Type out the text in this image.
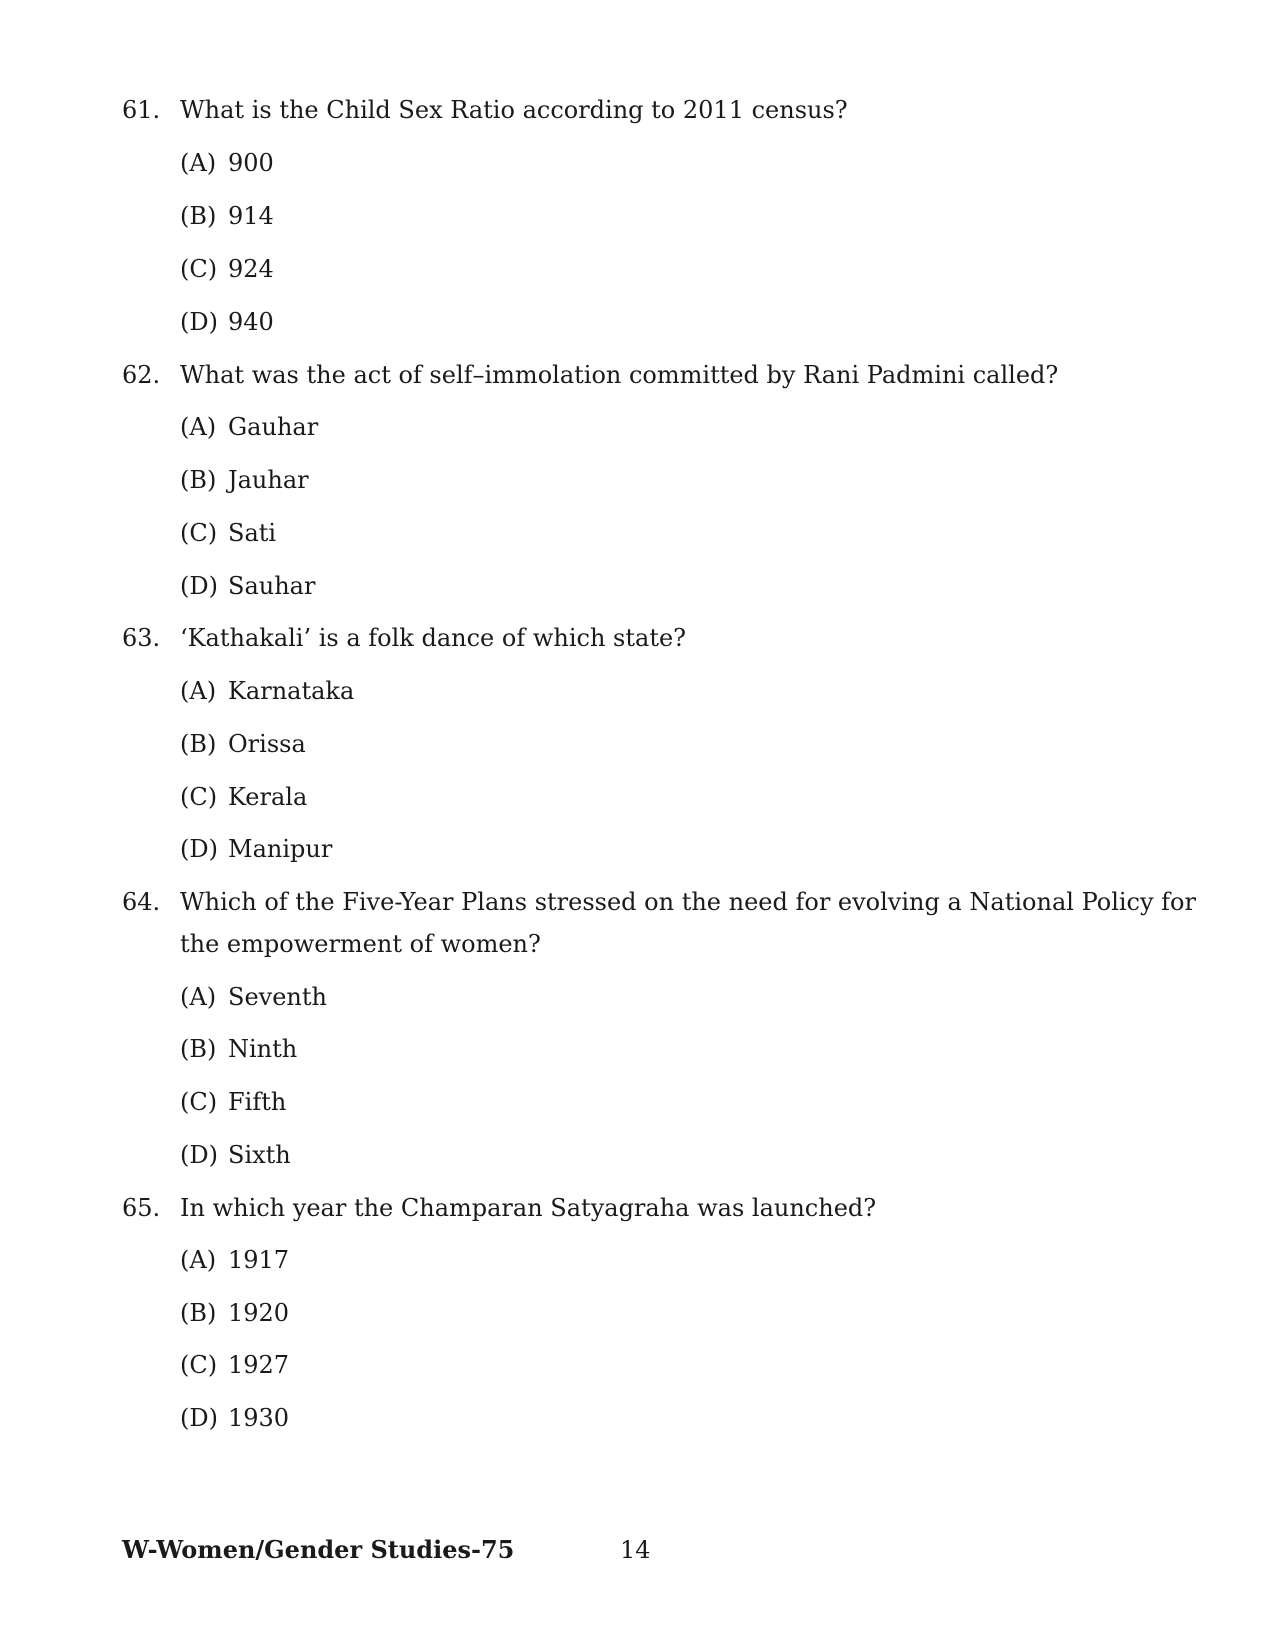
61. What is the Child Sex Ratio according to 2011 census?
(A) 900
(B) 914
(C) 924
(D) 940
62. What was the act of self–immolation committed by Rani Padmini called?
(A) Gauhar
(B) Jauhar
(C) Sati
(D) Sauhar
63. ‘Kathakali’ is a folk dance of which state?
(A) Karnataka
(B) Orissa
(C) Kerala
(D) Manipur
64. Which of the Five-Year Plans stressed on the need for evolving a National Policy for
the empowerment of women?
(A) Seventh
(B) Ninth
(C) Fifth
(D) Sixth
65. In which year the Champaran Satyagraha was launched?
(A) 1917
(B) 1920
(C) 1927
(D) 1930
W-Women/Gender Studies-75	14
